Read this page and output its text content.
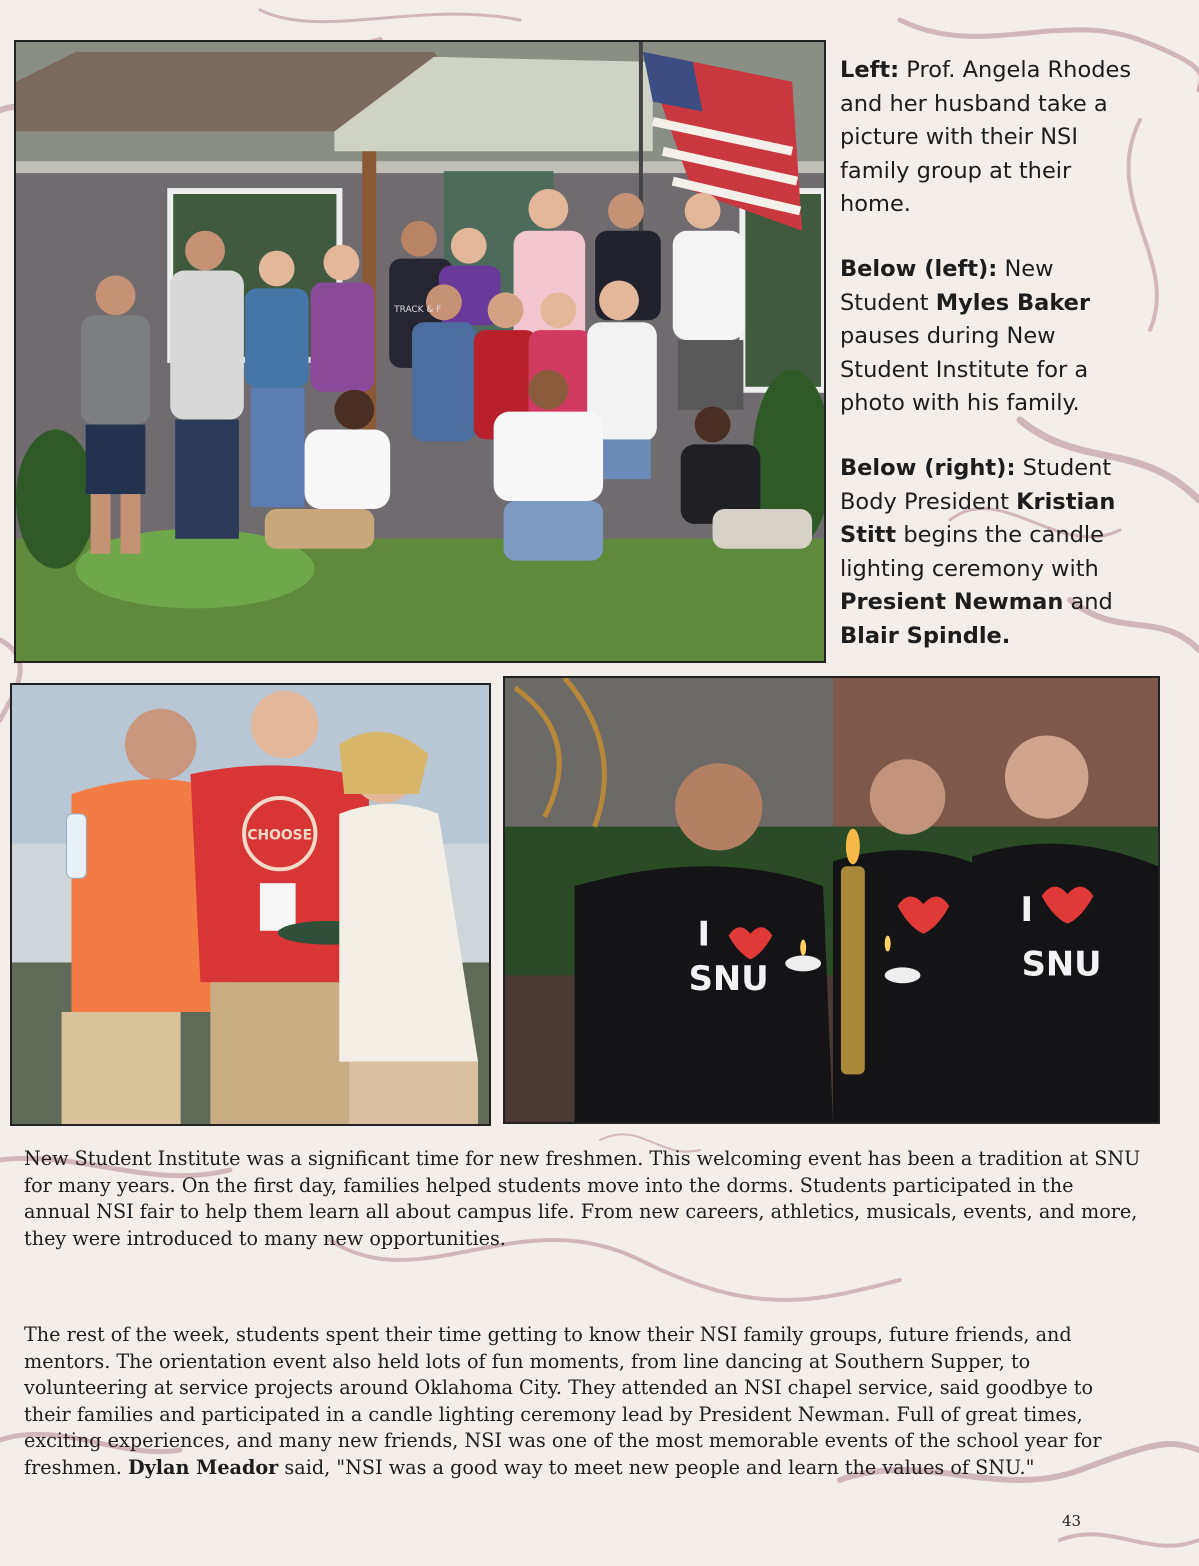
TRACK & F

Left: Prof. Angela Rhodes and her husband take a picture with their NSI family group at their home.

Below (left): New Student Myles Baker pauses during New Student Institute for a photo with his family.

Below (right): Student Body President Kristian Stitt begins the candle lighting ceremony with Presient Newman and Blair Spindle.

CHOOSE
I
SNU
I
SNU
New Student Institute was a significant time for new freshmen. This welcoming event has been a tradition at SNU for many years. On the first day, families helped students move into the dorms. Students participated in the annual NSI fair to help them learn all about campus life. From new careers, athletics, musicals, events, and more, they were introduced to many new opportunities.
The rest of the week, students spent their time getting to know their NSI family groups, future friends, and mentors. The orientation event also held lots of fun moments, from line dancing at Southern Supper, to volunteering at service projects around Oklahoma City. They attended an NSI chapel service, said goodbye to their families and participated in a candle lighting ceremony lead by President Newman. Full of great times, exciting experiences, and many new friends, NSI was one of the most memorable events of the school year for freshmen. Dylan Meador said, "NSI was a good way to meet new people and learn the values of SNU."
43
